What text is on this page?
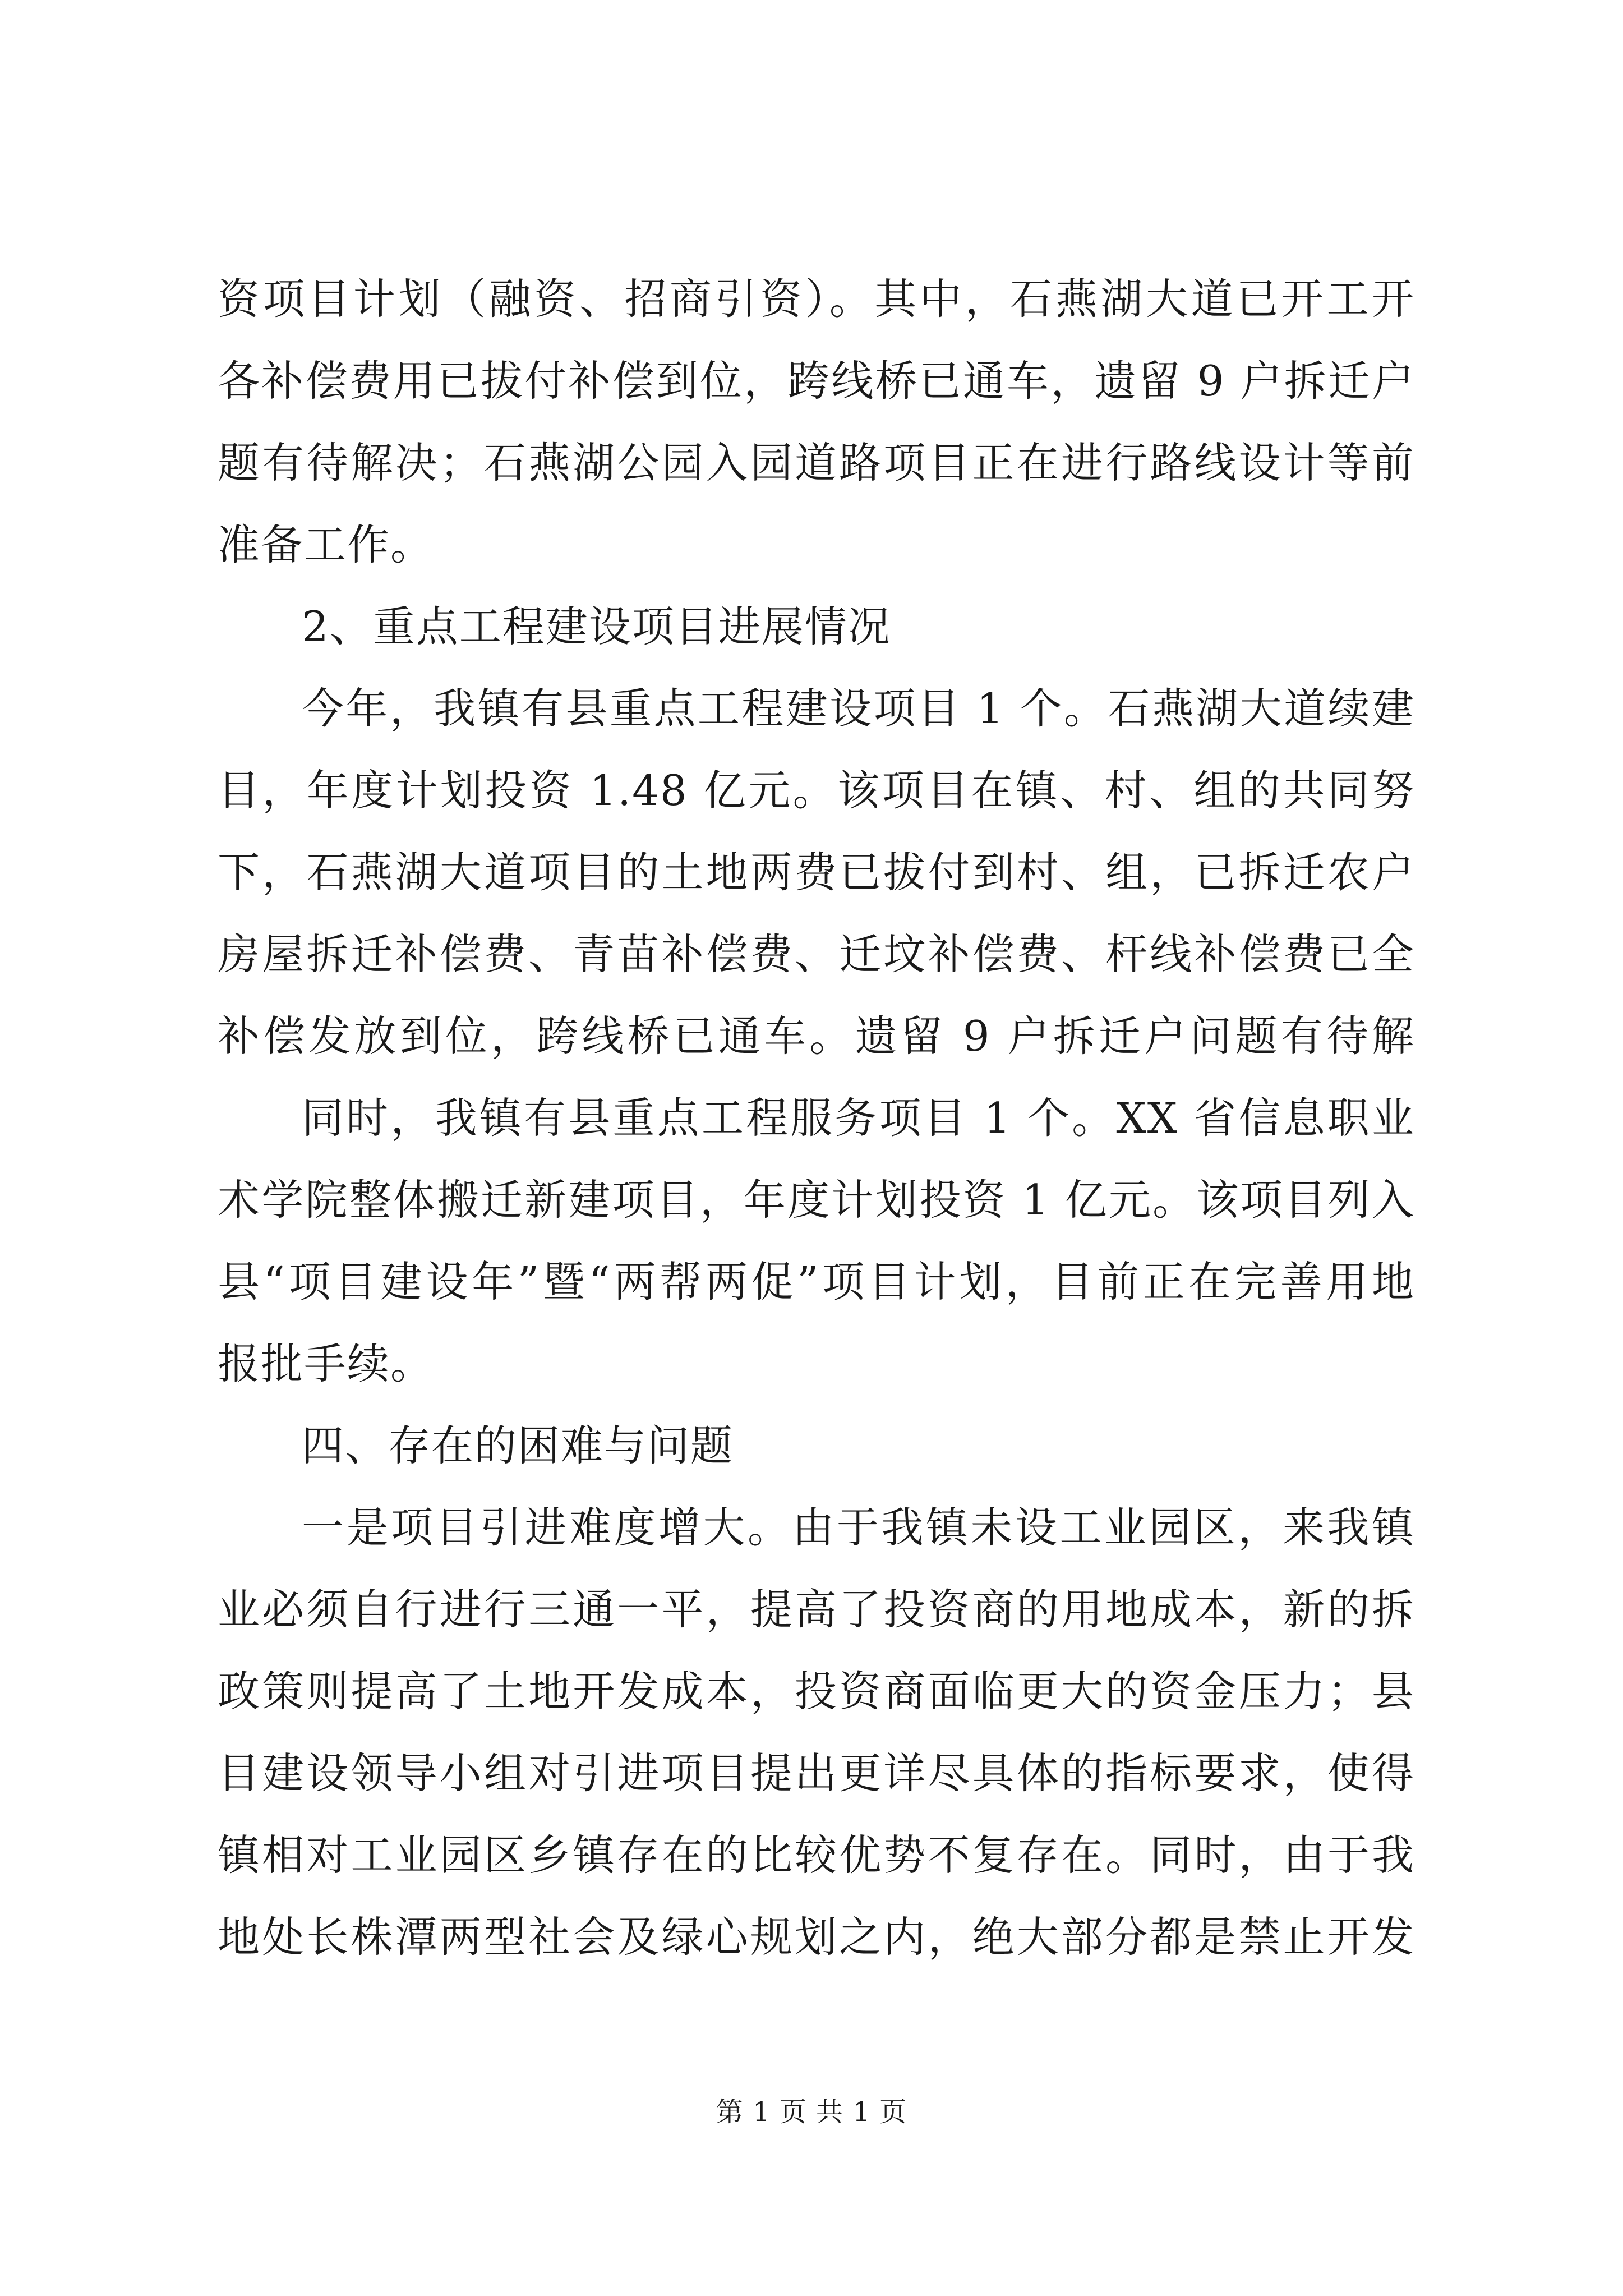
资项目计划（融资、招商引资）。其中，石燕湖大道已开工开
各补偿费用已拔付补偿到位，跨线桥已通车，遗留 9 户拆迁户
题有待解决；石燕湖公园入园道路项目正在进行路线设计等前
准备工作。
2、重点工程建设项目进展情况
今年，我镇有县重点工程建设项目 1 个。石燕湖大道续建
目，年度计划投资 1.48 亿元。该项目在镇、村、组的共同努
下，石燕湖大道项目的土地两费已拔付到村、组，已拆迁农户
房屋拆迁补偿费、青苗补偿费、迁坟补偿费、杆线补偿费已全
补偿发放到位，跨线桥已通车。遗留 9 户拆迁户问题有待解
同时，我镇有县重点工程服务项目 1 个。XX 省信息职业
术学院整体搬迁新建项目，年度计划投资 1 亿元。该项目列入
县“项目建设年”暨“两帮两促”项目计划，目前正在完善用地
报批手续。
四、存在的困难与问题
一是项目引进难度增大。由于我镇未设工业园区，来我镇
业必须自行进行三通一平，提高了投资商的用地成本，新的拆
政策则提高了土地开发成本，投资商面临更大的资金压力；县
目建设领导小组对引进项目提出更详尽具体的指标要求，使得
镇相对工业园区乡镇存在的比较优势不复存在。同时，由于我
地处长株潭两型社会及绿心规划之内，绝大部分都是禁止开发
第 1 页 共 1 页
